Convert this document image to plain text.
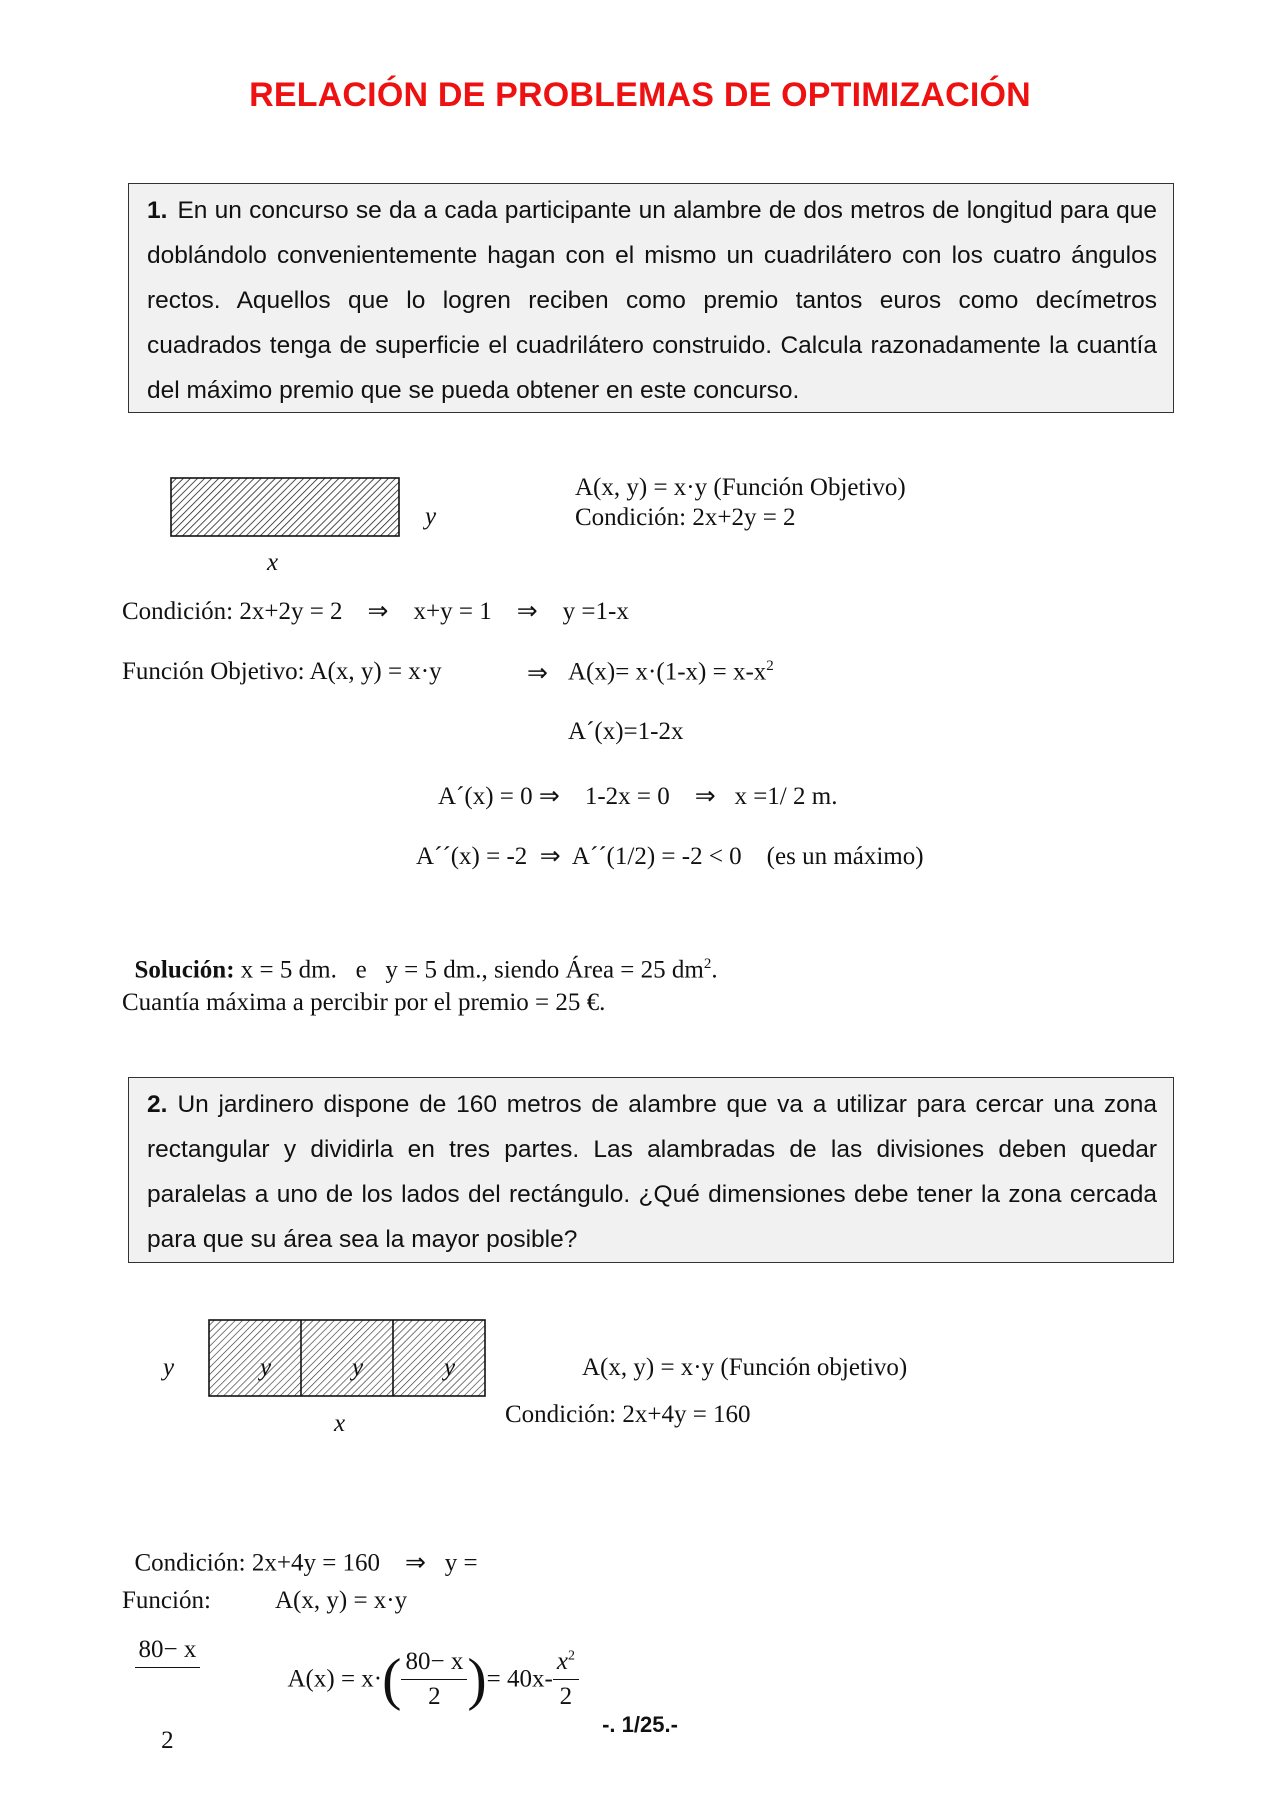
RELACIÓN DE PROBLEMAS DE OPTIMIZACIÓN
1. En un concurso se da a cada participante un alambre de dos metros de longitud para que doblándolo convenientemente hagan con el mismo un cuadrilátero con los cuatro ángulos rectos. Aquellos que lo logren reciben como premio tantos euros como decímetros cuadrados tenga de superficie el cuadrilátero construido. Calcula razonadamente la cuantía del máximo premio que se pueda obtener en este concurso.
y
x
A(x, y) = x·y (Función Objetivo)
Condición: 2x+2y = 2
Condición: 2x+2y = 2    ⇒    x+y = 1    ⇒    y =1-x
Función Objetivo: A(x, y) = x·y	⇒ $A(x)= x\cdot(1-x) = x-x^2$
A´(x)=1-2x
A´(x) = 0 ⇒    1-2x = 0    ⇒   x =1/ 2 m.
A´´(x) = -2  ⇒  A´´(1/2) = -2 < 0    (es un máximo)

Solución: x = 5 dm.   e   y = 5 dm., siendo Área = 25 $dm^2$.

Cuantía máxima a percibir por el premio = 25 €.
2. Un jardinero dispone de 160 metros de alambre que va a utilizar para cercar una zona rectangular y dividirla en tres partes. Las alambradas de las divisiones deben quedar paralelas a uno de los lados del rectángulo. ¿Qué dimensiones debe tener la zona cercada para que su área sea la mayor posible?
y	y	y
y
x
A(x, y) = x·y (Función objetivo)
Condición: 2x+4y = 160

Condición: 2x+4y = 160    ⇒   y =

$\frac{80- x}{2}$

Función:	A(x, y) = x·y

$A(x) = x\cdot( \frac{80- x}{2}$ )= $40x- \frac{x^2}{2}$

-. 1/25.-
